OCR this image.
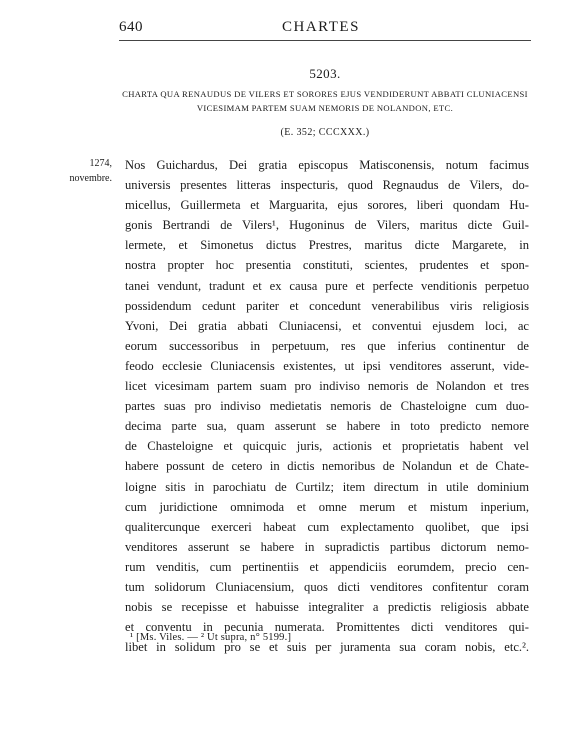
640	CHARTES
5203.
CHARTA QUA RENAUDUS DE VILERS ET SORORES EJUS VENDIDERUNT ABBATI CLUNIACENSI VICESIMAM PARTEM SUAM NEMORIS DE NOLANDON, ETC.
(E. 352; CCCXXX.)
1274,
novembre.
Nos Guichardus, Dei gratia episcopus Matisconensis, notum facimus
universis presentes litteras inspecturis, quod Regnaudus de Vilers, do-
micellus, Guillermeta et Marguarita, ejus sorores, liberi quondam Hu-
gonis Bertrandi de Vilers¹, Hugoninus de Vilers, maritus dicte Guil-
lermete, et Simonetus dictus Prestres, maritus dicte Margarete, in
nostra propter hoc presentia constituti, scientes, prudentes et spon-
tanei vendunt, tradunt et ex causa pure et perfecte venditionis perpetuo
possidendum cedunt pariter et concedunt venerabilibus viris religiosis
Yvoni, Dei gratia abbati Cluniacensi, et conventui ejusdem loci, ac
eorum successoribus in perpetuum, res que inferius continentur de
feodo ecclesie Cluniacensis existentes, ut ipsi venditores asserunt, vide-
licet vicesimam partem suam pro indiviso nemoris de Nolandon et tres
partes suas pro indiviso medietatis nemoris de Chasteloigne cum duo-
decima parte sua, quam asserunt se habere in toto predicto nemore
de Chasteloigne et quicquic juris, actionis et proprietatis habent vel
habere possunt de cetero in dictis nemoribus de Nolandun et de Chate-
loigne sitis in parochiatu de Curtilz; item directum in utile dominium
cum juridictione omnimoda et omne merum et mistum inperium,
qualitercunque exerceri habeat cum explectamento quolibet, que ipsi
venditores asserunt se habere in supradictis partibus dictorum nemo-
rum venditis, cum pertinentiis et appendiciis eorumdem, precio cen-
tum solidorum Cluniacensium, quos dicti venditores confitentur coram
nobis se recepisse et habuisse integraliter a predictis religiosis abbate
et conventu in pecunia numerata. Promittentes dicti venditores qui-
libet in solidum pro se et suis per juramenta sua coram nobis, etc.².
¹ [Ms. Viles. — ² Ut supra, n° 5199.]
